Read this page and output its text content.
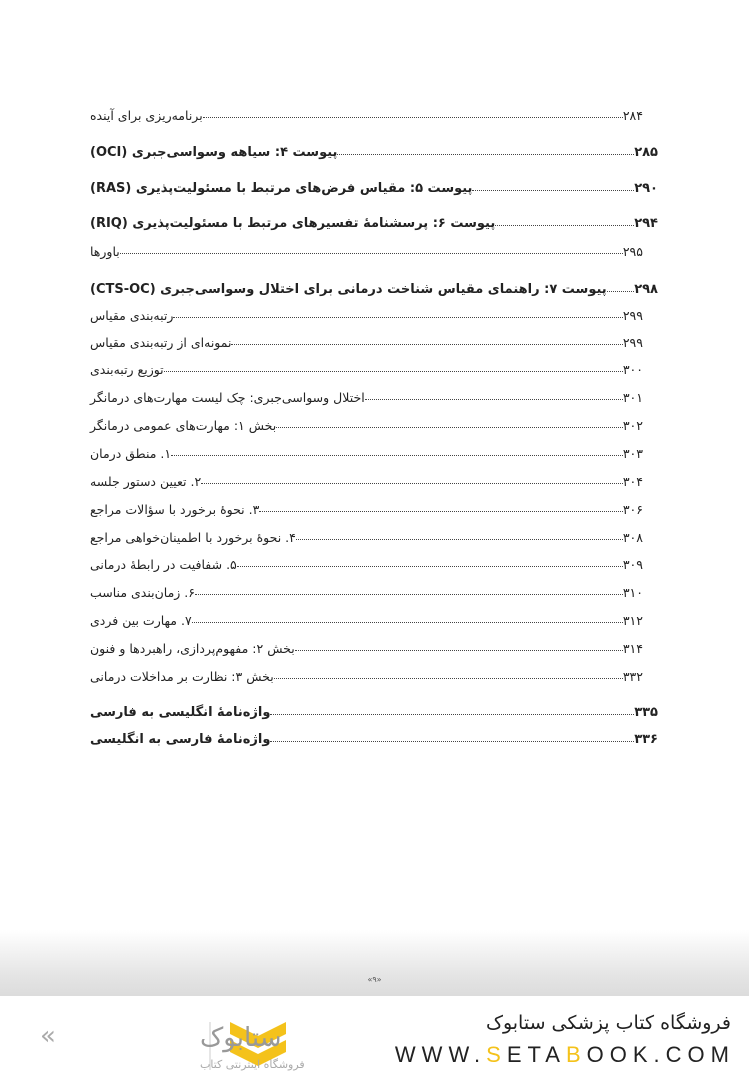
۲۸۴
برنامه‌ریزی برای آینده
۲۸۵
پیوست ۴: سیاهه وسواسی‌جبری (OCI)
۲۹۰
پیوست ۵: مقیاس فرض‌های مرتبط با مسئولیت‌پذیری (RAS)
۲۹۴
پیوست ۶: پرسشنامهٔ تفسیرهای مرتبط با مسئولیت‌پذیری (RIQ)
۲۹۵
باورها
۲۹۸
پیوست ۷: راهنمای مقیاس شناخت درمانی برای اختلال وسواسی‌جبری (CTS-OC)
۲۹۹
رتبه‌بندی مقیاس
۲۹۹
نمونه‌ای از رتبه‌بندی مقیاس
۳۰۰
توزیع رتبه‌بندی
۳۰۱
اختلال وسواسی‌جبری: چک لیست مهارت‌های درمانگر
۳۰۲
بخش ۱: مهارت‌های عمومی درمانگر
۳۰۳
۱. منطق درمان
۳۰۴
۲. تعیین دستور جلسه
۳۰۶
۳. نحوهٔ برخورد با سؤالات مراجع
۳۰۸
۴. نحوهٔ برخورد با اطمینان‌خواهی مراجع
۳۰۹
۵. شفافیت در رابطهٔ درمانی
۳۱۰
۶. زمان‌بندی مناسب
۳۱۲
۷. مهارت بین فردی
۳۱۴
بخش ۲: مفهوم‌پردازی، راهبردها و فنون
۳۳۲
بخش ۳: نظارت بر مداخلات درمانی
۳۳۵
واژه‌نامهٔ انگلیسی به فارسی
۳۳۶
واژه‌نامهٔ فارسی به انگلیسی
«۹»
ستابوک
«
فروشگاه اینترنتی کتاب
فروشگاه کتاب پزشکی ستابوک
WWW.SETABOOK.COM
